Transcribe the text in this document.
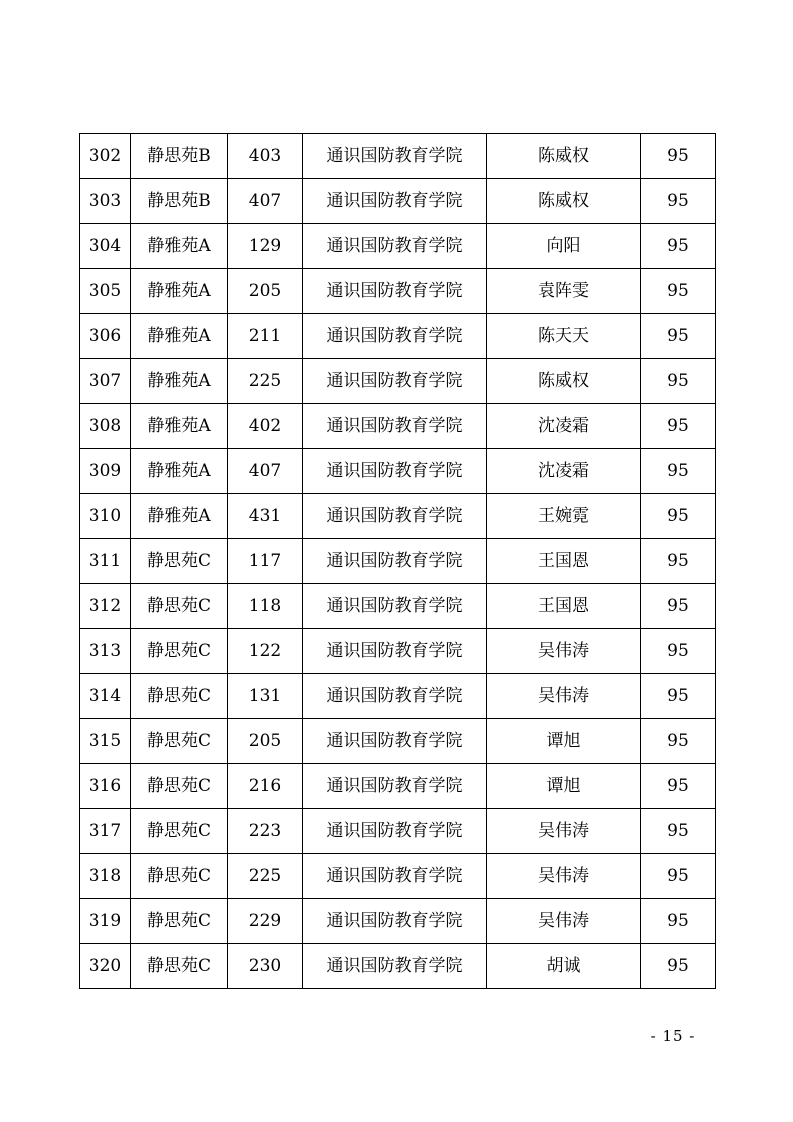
302	静思苑B	403	通识国防教育学院	陈威权	95
303	静思苑B	407	通识国防教育学院	陈威权	95
304	静雅苑A	129	通识国防教育学院	向阳	95
305	静雅苑A	205	通识国防教育学院	袁阵雯	95
306	静雅苑A	211	通识国防教育学院	陈天天	95
307	静雅苑A	225	通识国防教育学院	陈威权	95
308	静雅苑A	402	通识国防教育学院	沈凌霜	95
309	静雅苑A	407	通识国防教育学院	沈凌霜	95
310	静雅苑A	431	通识国防教育学院	王婉霓	95
311	静思苑C	117	通识国防教育学院	王国恩	95
312	静思苑C	118	通识国防教育学院	王国恩	95
313	静思苑C	122	通识国防教育学院	吴伟涛	95
314	静思苑C	131	通识国防教育学院	吴伟涛	95
315	静思苑C	205	通识国防教育学院	谭旭	95
316	静思苑C	216	通识国防教育学院	谭旭	95
317	静思苑C	223	通识国防教育学院	吴伟涛	95
318	静思苑C	225	通识国防教育学院	吴伟涛	95
319	静思苑C	229	通识国防教育学院	吴伟涛	95
320	静思苑C	230	通识国防教育学院	胡诚	95
- 15 -
